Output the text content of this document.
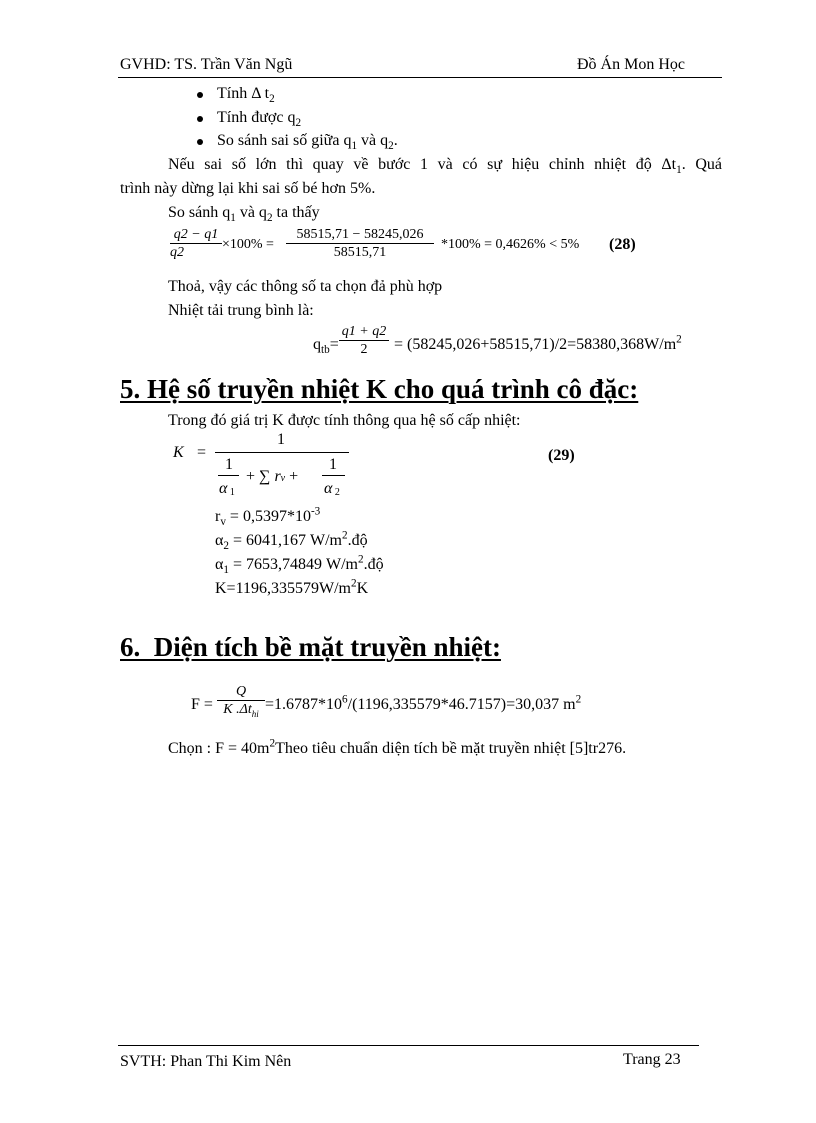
GVHD: TS. Trần Văn Ngũ	Đồ Án Mon Học
Tính Δ $t_2$
Tính được $q_2$
So sánh sai số giữa $q_1$ và $q_2$.
Nếu sai số lớn thì quay về bước 1 và có sự hiệu chỉnh nhiệt độ $\Delta t_1$. Quá
trình này dừng lại khi sai số bé hơn 5%.
So sánh $q_1$ và $q_2$ ta thấy
q2 − q1
q2
×100% =
58515,71 − 58245,026
58515,71
*100% = 0,4626% < 5% (28)
Thoả, vậy các thông số ta chọn đả phù hợp
Nhiệt tải trung bình là:
$q_{tb}=$
q1 + q2
2	= $(58245,026+58515,71)/2=58380,368W/m^2$
5. Hệ số truyền nhiệt K cho quá trình cô đặc:
Trong đó giá trị K được tính thông qua hệ số cấp nhiệt:
K =
1
1
α 1
+ ∑ rv +
1
α 2
(29)
$r_v = 0,5397*10^{-3}$
$\alpha_2 = 6041,167$ $W/m^2.độ$
$\alpha_1 = 7653,74849$ $W/m^2.độ$
$K=1196,335579W/m^2K$
6.  Diện tích bề mặt truyền nhiệt:
F =
Q
K $.\Delta t_{hi}$
$=1.6787*10^6/(1196,335579*46.7157)=30,037$ $m^2$
Chọn : $F = 40m^2Theo$ tiêu chuẩn diện tích bề mặt truyền nhiệt [5]tr276.
SVTH: Phan Thi Kim Nên	Trang 23
